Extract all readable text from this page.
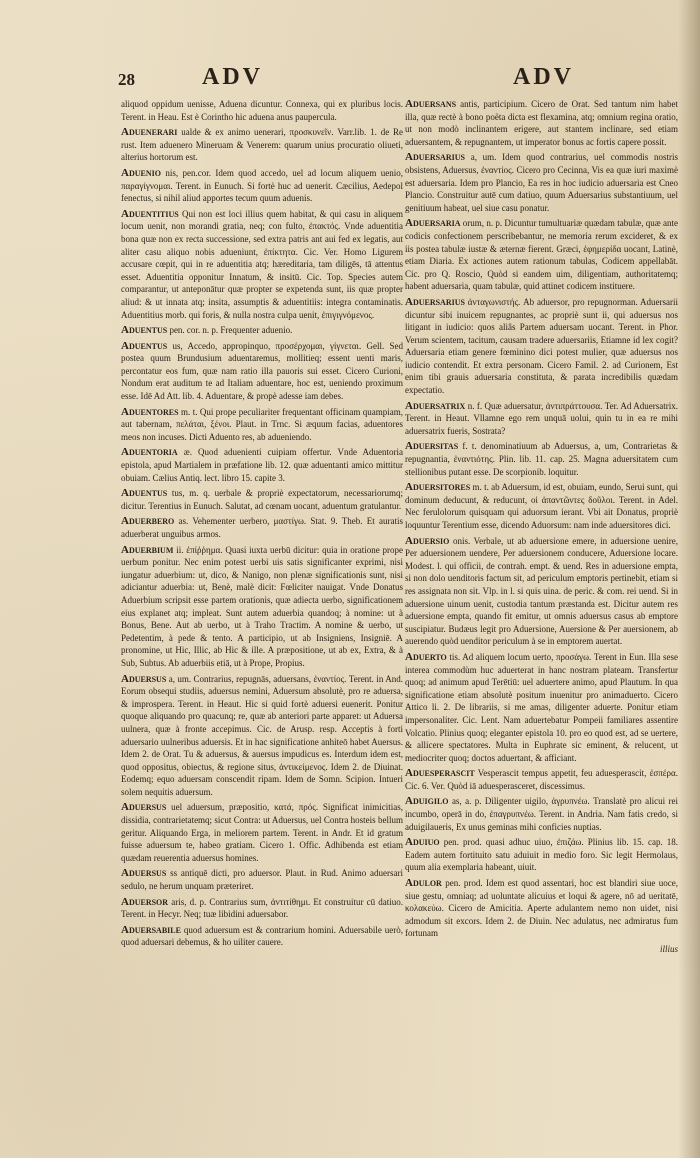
28	ADV	ADV

aliquod oppidum uenisse, Aduena dicuntur. Connexa, qui ex pluribus locis. Terent. in Heau. Est è Corintho hic aduena anus paupercula.

Aduenerari ualde & ex animo uenerari, προσκυνεῖν. Varr.lib. 1. de Re rust. Item aduenero Mineruam & Venerem: quarum unius procuratio oliueti, alterius hortorum est.

Aduenio nis, pen.cor. Idem quod accedo, uel ad locum aliquem uenio, παραγίγνομαι. Terent. in Eunuch. Si fortè huc ad uenerit. Cæcilius, Aedepol fenectus, si nihil aliud apportes tecum quum aduenis.

Aduentitius Qui non est loci illius quem habitat, & qui casu in aliquem locum uenit, non morandi gratia, neq; con fulto, ἐπακτός. Vnde aduentitia bona quæ non ex recta successione, sed extra patris ant aui fed ex legatis, aut aliter casu aliquo nobis adueniunt, ἐπίκτητα. Cic. Ver. Homo Ligurem accusare cœpit, qui in re aduentitia atq; hæreditaria, tam diligēs, tā attentus esset. Aduentitia opponitur Innatum, & insitū. Cic. Top. Species autem comparantur, ut anteponātur quæ propter se expetenda sunt, iis quæ propter aliud: & ut innata atq; insita, assumptis & aduentitiis: integra contaminatis. Aduentitius morb. qui foris, & nulla nostra culpa uenit, ἐπιγιγνόμενος.

Aduentus pen. cor. n. p. Frequenter aduenio.

Aduentus us, Accedo, appropinquo, προσέρχομαι, γίγνεται. Gell. Sed postea quum Brundusium aduentaremus, mollitieq; essent uenti maris, percontatur eos fum, quæ nam ratio illa pauoris sui esset. Cicero Curioni, Nondum erat auditum te ad Italiam aduentare, hoc est, ueniendo proximum esse. Idē Ad Att. lib. 4. Aduentare, & propè adesse iam debes.

Aduentores m. t. Qui prope peculiariter frequentant officinam quampiam, aut tabernam, πελάται, ξένοι. Plaut. in Trnc. Si æquum facias, aduentores meos non incuses. Dicti Aduento res, ab adueniendo.

Aduentoria æ. Quod aduenienti cuipiam offertur. Vnde Aduentoria epistola, apud Martialem in præfatione lib. 12. quæ aduentanti amico mittitur obuiam. Cælius Antiq. lect. libro 15. capite 3.

Aduentus tus, m. q. uerbale & propriè expectatorum, necessariorumq; dicitur. Terentius in Eunuch. Salutat, ad cœnam uocant, aduentum gratulantur.

Aduerbero as. Vehementer uerbero, μαστίγω. Stat. 9. Theb. Et auratis aduerberat unguibus armos.

Aduerbium ii. ἐπίῤῥημα. Quasi iuxta uerbū dicitur: quia in oratione prope uerbum ponitur. Nec enim potest uerbi uis satis significanter exprimi, nisi iungatur aduerbium: ut, dico, & Nanigo, non plenæ significationis sunt, nisi adiciantur aduerbia: ut, Benè, malè dicit: Fœliciter nauigat. Vnde Donatus Aduerbium scripsit esse partem orationis, quæ adiecta uerbo, significationem eius explanet atq; impleat. Sunt autem aduerbia quandoq; à nomine: ut à Bonus, Bene. Aut ab uerbo, ut à Traho Tractim. A nomine & uerbo, ut Pedetentim, à pede & tento. A participio, ut ab Insigniens, Insigniē. A pronomine, ut Hic, Illic, ab Hic & ille. A præpositione, ut ab ex, Extra, & à Sub, Subtus. Ab aduerbiis etiā, ut à Prope, Propius.

Aduersus a, um. Contrarius, repugnās, aduersans, ἐναντίος. Terent. in And. Eorum obsequi studiis, aduersus nemini, Aduersum absolutè, pro re aduersa, & improspera. Terent. in Heaut. Hic si quid fortè aduersi euenerit. Ponitur quoque aliquando pro quacunq; re, quæ ab anteriori parte apparet: ut Aduersa uulnera, quæ à fronte accepimus. Cic. de Arusp. resp. Acceptis à forti aduersario uulneribus aduersis. Et in hac significatione anhiteō habet Auersus. Idem 2. de Orat. Tu & aduersus, & auersus impudicus es. Interdum idem est, quod oppositus, obiectus, & regione situs, ἀντικείμενος. Idem 2. de Diuinat. Eodemq; equo aduersam conscendit ripam. Idem de Somn. Scipion. Intueri solem nequitis aduersum.

Aduersus uel aduersum, præpositio, κατά, πρός. Significat inimicitias, dissidia, contrarietatemq; sicut Contra: ut Aduersus, uel Contra hosteis bellum geritur. Aliquando Erga, in meliorem partem. Terent. in Andr. Et id gratum fuisse aduersum te, habeo gratiam. Cicero 1. Offic. Adhibenda est etiam quædam reuerentia aduersus homines.

Aduersus ss antiquē dicti, pro aduersor. Plaut. in Rud. Animo aduersari sedulo, ne herum unquam præteriret.

Aduersor aris, d. p. Contrarius sum, ἀντιτίθημι. Et construitur cū datiuo. Terent. in Hecyr. Neq; tuæ libidini aduersabor.

Aduersabile quod aduersum est & contrarium homini. Aduersabile uerò, quod aduersari debemus, & ho uiliter cauere.

Aduersans antis, participium. Cicero de Orat. Sed tantum nim habet illa, quæ rectè à bono poëta dicta est flexamina, atq; omnium regina oratio, ut non modò inclinantem erigere, aut stantem inclinare, sed etiam aduersantem, & repugnantem, ut imperator bonus ac fortis capere possit.

Aduersarius a, um. Idem quod contrarius, uel commodis nostris obsistens, Aduersus, ἐναντίος. Cicero pro Cecinna, Vis ea quæ iuri maximè est aduersaria. Idem pro Plancio, Ea res in hoc iudicio aduersaria est Cneo Plancio. Construitur autē cum datiuo, quum Aduersarius substantiuum, uel genitiuum habeat, uel siue casu ponatur.

Aduersaria orum, n. p. Dicuntur tumultuariæ quædam tabulæ, quæ ante codicis confectionem perscribebantur, ne memoria rerum excideret, & ex iis postea tabulæ iustæ & æternæ fierent. Græci, ἐφημερίδα uocant, Latinè, etiam Diaria. Ex actiones autem rationum tabulas, Codicem appellabāt. Cic. pro Q. Roscio, Quòd si eandem uim, diligentiam, authoritatemq; habent aduersaria, quam tabulæ, quid attinet codicem instituere.

Aduersarius ἀνταγωνιστής. Ab aduersor, pro repugnorman. Aduersarii dicuntur sibi inuicem repugnantes, ac propriè sunt ii, qui aduersus nos litigant in iudicio: quos aliâs Partem aduersam uocant. Terent. in Phor. Verum scientem, tacitum, causam tradere aduersariis, Etiamne id lex cogit? Aduersaria etiam genere fœminino dici potest mulier, quæ aduersus nos iudicio contendit. Et extra personam. Cicero Famil. 2. ad Curionem, Est enim tibi grauis aduersaria constituta, & parata incredibilis quædam expectatio.

Aduersatrix n. f. Quæ aduersatur, ἀντιπράττουσα. Ter. Ad Aduersatrix. Terent. in Heaut. Vllamne ego rem unquā uolui, quin tu in ea re mihi aduersatrix fueris, Sostrata?

Aduersitas f. t. denominatiuum ab Aduersus, a, um, Contrarietas & repugnantia, ἐναντιότης. Plin. lib. 11. cap. 25. Magna aduersitatem cum stellionibus putant esse. De scorpionib. loquitur.

Aduersitores m. t. ab Aduersum, id est, obuiam, eundo, Serui sunt, qui dominum deducunt, & reducunt, οἱ ἀπαντῶντες δοῦλοι. Terent. in Adel. Nec ferulolorum quisquam qui aduorsum ierant. Vbi ait Donatus, propriè loquuntur Terentium esse, dicendo Aduorsum: nam inde aduersitores dici.

Aduersio onis. Verbale, ut ab aduersione emere, in aduersione uenire, Per aduersionem uendere, Per aduersionem conducere, Aduersione locare. Modest. l. qui officii, de contrah. empt. & uend. Res in aduersione empta, si non dolo uenditoris factum sit, ad periculum emptoris pertinebit, etiam si res assignata non sit. Vlp. in l. si quis uina. de peric. & com. rei uend. Si in aduersione uinum uenit, custodia tantum præstanda est. Dicitur autem res aduersione empta, quando fit emitur, ut omnis aduersus casus ab emptore suscipiatur. Budæus legit pro Aduersione, Auersione & Per auersionem, ab auerendo quòd uenditor periculum à se in emptorem auertat.

Aduerto tis. Ad aliquem locum uerto, προσάγω. Terent in Eun. Illa sese interea commodùm huc aduerterat in hanc nostram plateam. Transfertur quoq; ad animum apud Terētiū: uel aduertere animo, apud Plautum. In qua significatione etiam absolutè positum inuenitur pro animaduerto. Cicero Attico li. 2. De librariis, si me amas, diligenter aduerte. Ponitur etiam impersonaliter. Cic. Lent. Nam aduertebatur Pompeii familiares assentire Volcatio. Plinius quoq; eleganter epistola 10. pro eo quod est, ad se uertere, & allicere spectatores. Multa in Euphrate sic eminent, & relucent, ut mediocriter quoq; doctos aduertant, & afficiant.

Aduesperascit Vesperascit tempus appetit, feu aduesperascit, ἐσπέρα. Cic. 6. Ver. Quòd iā aduesperasceret, discessimus.

Aduigilo as, a. p. Diligenter uigilo, ἀγρυπνέω. Translatè pro alicui rei incumbo, operā in do, ἐπαγρυπνέω. Terent. in Andria. Nam fatis credo, si aduigilaueris, Ex unus geminas mihi conficies nuptias.

Aduiuo pen. prod. quasi adhuc uiuo, ἐπιζάω. Plinius lib. 15. cap. 18. Eadem autem fortituito satu aduiuit in medio foro. Sic legit Hermolaus, quum alia exemplaria habeant, uiuit.

Adulor pen. prod. Idem est quod assentari, hoc est blandiri siue uoce, siue gestu, omniaq; ad uoluntate alicuius et loqui & agere, nō ad ueritatē, κολακεύω. Cicero de Amicitia. Aperte adulantem nemo non uidet, nisi admodum sit excors. Idem 2. de Diuin. Nec adulatus, nec admiratus fum fortunam

illius
